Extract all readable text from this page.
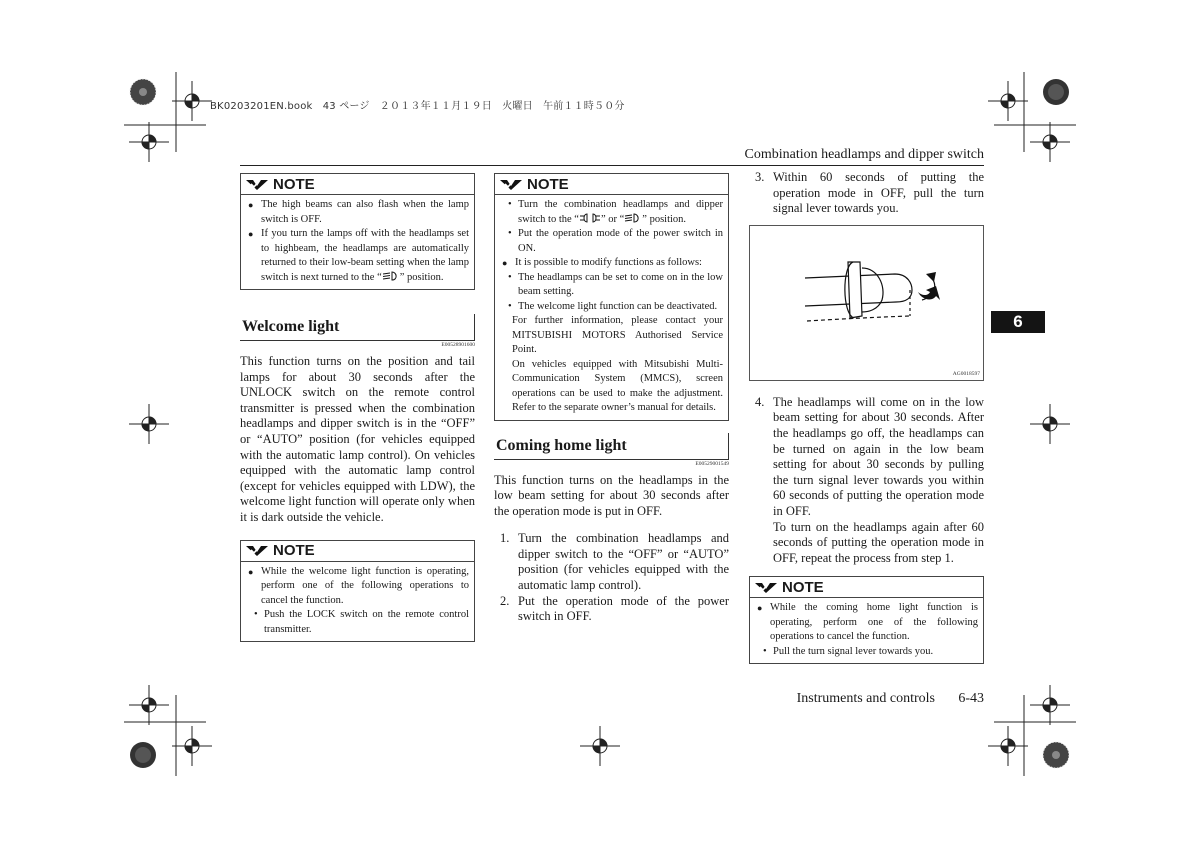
BK0203201EN.book　43 ページ　２０１３年１１月１９日　火曜日　午前１１時５０分
Combination headlamps and dipper switch
6
NOTE
● The high beams can also flash when the lamp switch is OFF.
● If you turn the lamps off with the headlamps set to highbeam, the headlamps are automatically returned to their low-beam setting when the lamp switch is next turned to the “ ” position.
Welcome light
E00528901600
This function turns on the position and tail lamps for about 30 seconds after the UNLOCK switch on the remote control transmitter is pressed when the combination headlamps and dipper switch is in the “OFF” or “AUTO” position (for vehicles equipped with the automatic lamp control). On vehicles equipped with the automatic lamp control (except for vehicles equipped with LDW), the welcome light function will operate only when it is dark outside the vehicle.
NOTE
● While the welcome light function is operating, perform one of the following operations to cancel the function.
• Push the LOCK switch on the remote control transmitter.
NOTE
• Turn the combination headlamps and dipper switch to the “ ” or “ ” position.
• Put the operation mode of the power switch in ON.
● It is possible to modify functions as follows:
• The headlamps can be set to come on in the low beam setting.
• The welcome light function can be deactivated.
For further information, please contact your MITSUBISHI MOTORS Authorised Service Point.
On vehicles equipped with Mitsubishi Multi-Communication System (MMCS), screen operations can be used to make the adjustment. Refer to the separate owner’s manual for details.
Coming home light
E00529001549
This function turns on the headlamps in the low beam setting for about 30 seconds after the operation mode is put in OFF.
1. Turn the combination headlamps and dipper switch to the “OFF” or “AUTO” position (for vehicles equipped with the automatic lamp control).
2. Put the operation mode of the power switch in OFF.
3. Within 60 seconds of putting the operation mode in OFF, pull the turn signal lever towards you.
AG0018597
4. The headlamps will come on in the low beam setting for about 30 seconds. After the headlamps go off, the headlamps can be turned on again in the low beam setting for about 30 seconds by pulling the turn signal lever towards you within 60 seconds of putting the operation mode in OFF.
To turn on the headlamps again after 60 seconds of putting the operation mode in OFF, repeat the process from step 1.
NOTE
● While the coming home light function is operating, perform one of the following operations to cancel the function.
• Pull the turn signal lever towards you.
Instruments and controls 6-43
